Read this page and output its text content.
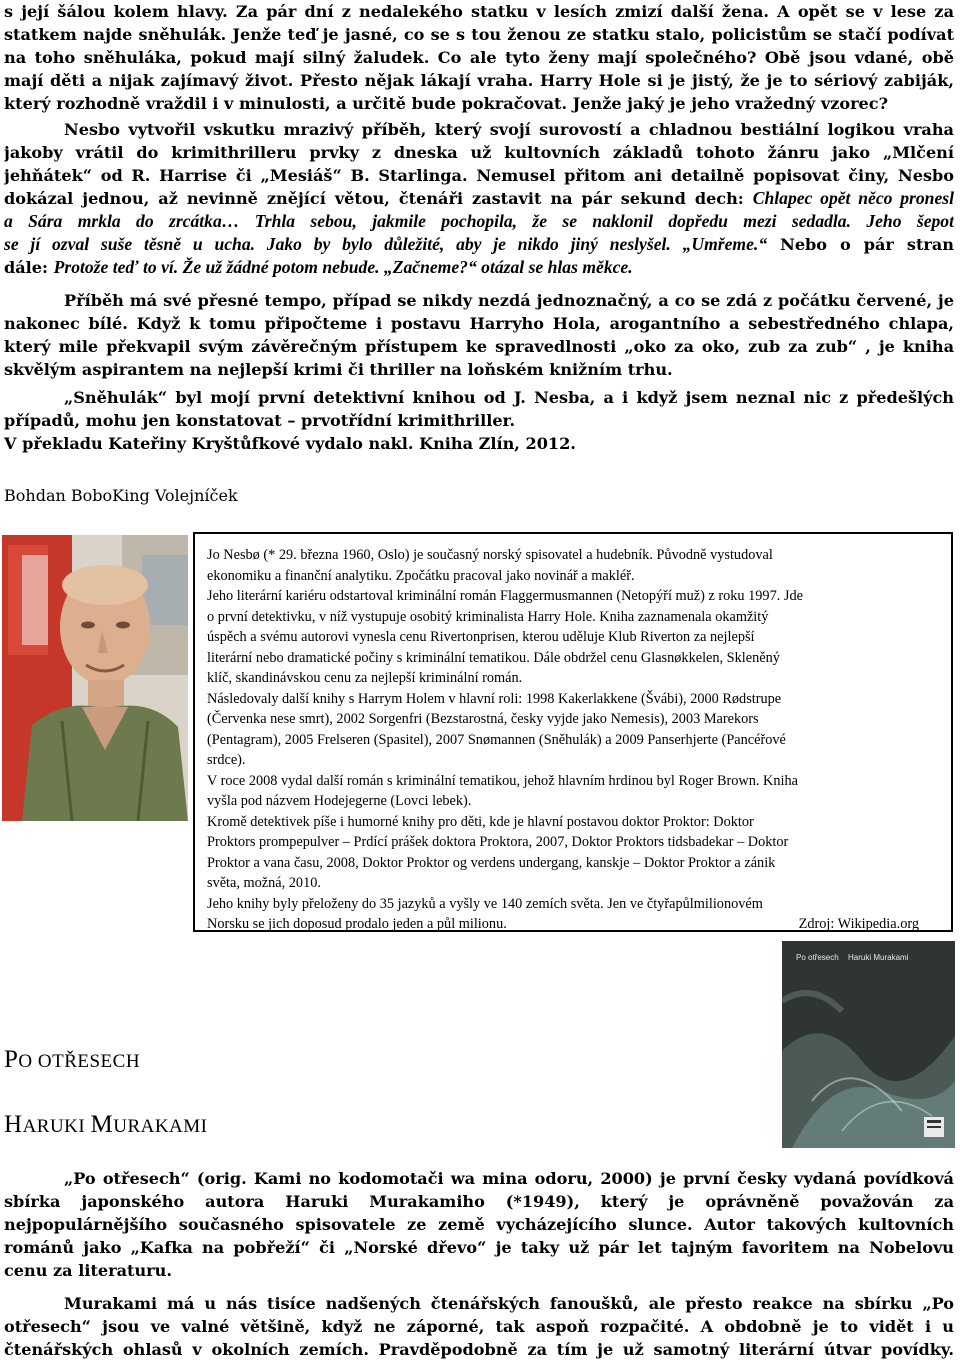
s její šálou kolem hlavy. Za pár dní z nedalekého statku v lesích zmizí další žena. A opět se v lese za
statkem najde sněhulák. Jenže teď je jasné, co se s tou ženou ze statku stalo, policistům se stačí podívat
na toho sněhuláka, pokud mají silný žaludek. Co ale tyto ženy mají společného? Obě jsou vdané, obě
mají děti a nijak zajímavý život. Přesto nějak lákají vraha. Harry Hole si je jistý, že je to sériový zabiják,
který rozhodně vraždil i v minulosti, a určitě bude pokračovat. Jenže jaký je jeho vražedný vzorec?
Nesbo vytvořil vskutku mrazivý příběh, který svojí surovostí a chladnou bestiální logikou vraha
jakoby vrátil do krimithrilleru prvky z dneska už kultovních základů tohoto žánru jako „Mlčení
jehňátek“ od R. Harrise či „Mesiáš“ B. Starlinga. Nemusel přitom ani detailně popisovat činy, Nesbo
dokázal jednou, až nevinně znějící větou, čtenáři zastavit na pár sekund dech: Chlapec opět něco pronesl
a Sára mrkla do zrcátka… Trhla sebou, jakmile pochopila, že se naklonil dopředu mezi sedadla. Jeho šepot
se jí ozval suše těsně u ucha. Jako by bylo důležité, aby je nikdo jiný neslyšel. „Umřeme.“ Nebo o pár stran
dále: Protože teď to ví. Že už žádné potom nebude. „Začneme?“ otázal se hlas měkce.
Příběh má své přesné tempo, případ se nikdy nezdá jednoznačný, a co se zdá z počátku červené, je
nakonec bílé. Když k tomu připočteme i postavu Harryho Hola, arogantního a sebestředného chlapa,
který mile překvapil svým závěrečným přístupem ke spravedlnosti „oko za oko, zub za zub“ , je kniha
skvělým aspirantem na nejlepší krimi či thriller na loňském knižním trhu.
„Sněhulák“ byl mojí první detektivní knihou od J. Nesba, a i když jsem neznal nic z předešlých
případů, mohu jen konstatovat – prvotřídní krimithriller.
V překladu Kateřiny Kryštůfkové vydalo nakl. Kniha Zlín, 2012.

Bohdan BoboKing Volejníček

Jo Nesbø (* 29. března 1960, Oslo) je současný norský spisovatel a hudebník. Původně vystudoval

ekonomiku a finanční analytiku. Zpočátku pracoval jako novinář a makléř.

Jeho literární kariéru odstartoval kriminální román Flaggermusmannen (Netopýří muž) z roku 1997. Jde

o první detektivku, v níž vystupuje osobitý kriminalista Harry Hole. Kniha zaznamenala okamžitý

úspěch a svému autorovi vynesla cenu Rivertonprisen, kterou uděluje Klub Riverton za nejlepší

literární nebo dramatické počiny s kriminální tematikou. Dále obdržel cenu Glasnøkkelen, Skleněný

klíč, skandinávskou cenu za nejlepší kriminální román.

Následovaly další knihy s Harrym Holem v hlavní roli: 1998 Kakerlakkene (Švábi), 2000 Rødstrupe

(Červenka nese smrt), 2002 Sorgenfri (Bezstarostná, česky vyjde jako Nemesis), 2003 Marekors

(Pentagram), 2005 Frelseren (Spasitel), 2007 Snømannen (Sněhulák) a 2009 Panserhjerte (Pancéřové

srdce).

V roce 2008 vydal další román s kriminální tematikou, jehož hlavním hrdinou byl Roger Brown. Kniha

vyšla pod názvem Hodejegerne (Lovci lebek).

Kromě detektivek píše i humorné knihy pro děti, kde je hlavní postavou doktor Proktor: Doktor

Proktors prompepulver – Prdící prášek doktora Proktora, 2007, Doktor Proktors tidsbadekar – Doktor

Proktor a vana času, 2008, Doktor Proktor og verdens undergang, kanskje – Doktor Proktor a zánik

světa, možná, 2010.

Jeho knihy byly přeloženy do 35 jazyků a vyšly ve 140 zemích světa. Jen ve čtyřapůlmilionovém

Norsku se jich doposud prodalo jeden a půl milionu.	Zdroj: Wikipedia.org
Po otřesech Haruki Murakami
PO OTŘESECH
HARUKI MURAKAMI
„Po otřesech“ (orig. Kami no kodomotači wa mina odoru, 2000) je první česky vydaná povídková
sbírka japonského autora Haruki Murakamiho (*1949), který je oprávněně považován za
nejpopulárnějšího současného spisovatele ze země vycházejícího slunce. Autor takových kultovních
románů jako „Kafka na pobřeží“ či „Norské dřevo“ je taky už pár let tajným favoritem na Nobelovu
cenu za literaturu.
Murakami má u nás tisíce nadšených čtenářských fanoušků, ale přesto reakce na sbírku „Po
otřesech“ jsou ve valné většině, když ne záporné, tak aspoň rozpačité. A obdobně je to vidět i u
čtenářských ohlasů v okolních zemích. Pravděpodobně za tím je už samotný literární útvar povídky.
